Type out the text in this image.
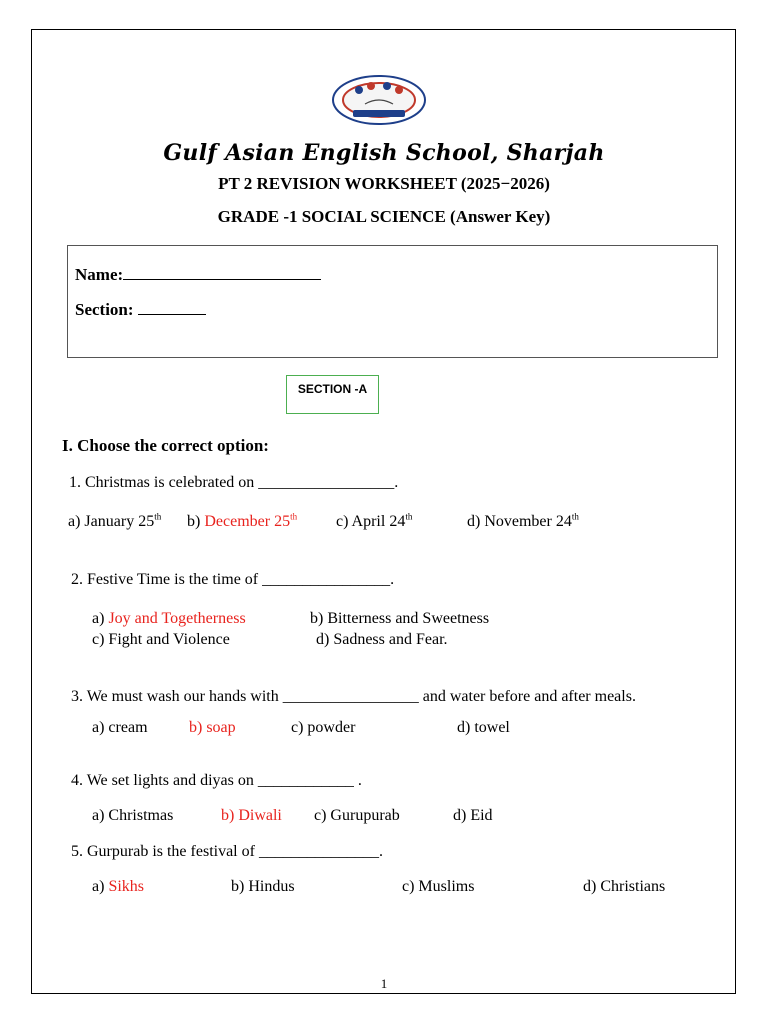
Gulf Asian English School, Sharjah
PT 2 REVISION WORKSHEET (2025−2026)
GRADE -1 SOCIAL SCIENCE (Answer Key)
Name:
Section:
SECTION -A
I. Choose the correct option:
1. Christmas is celebrated on _________________.
a) January 25th b) December 25th c) April 24th	d) November 24th
2. Festive Time is the time of ________________.
a) Joy and Togetherness	b) Bitterness and Sweetness
c) Fight and Violence	d) Sadness and Fear.
3. We must wash our hands with _________________ and water before and after meals.
a) cream	b) soap	c) powder	d) towel
4. We set lights and diyas on ____________ .
a) Christmas	b) Diwali c) Gurupurab	d) Eid
5. Gurpurab is the festival of _______________.
a) Sikhs	b) Hindus	c) Muslims	d) Christians
1
